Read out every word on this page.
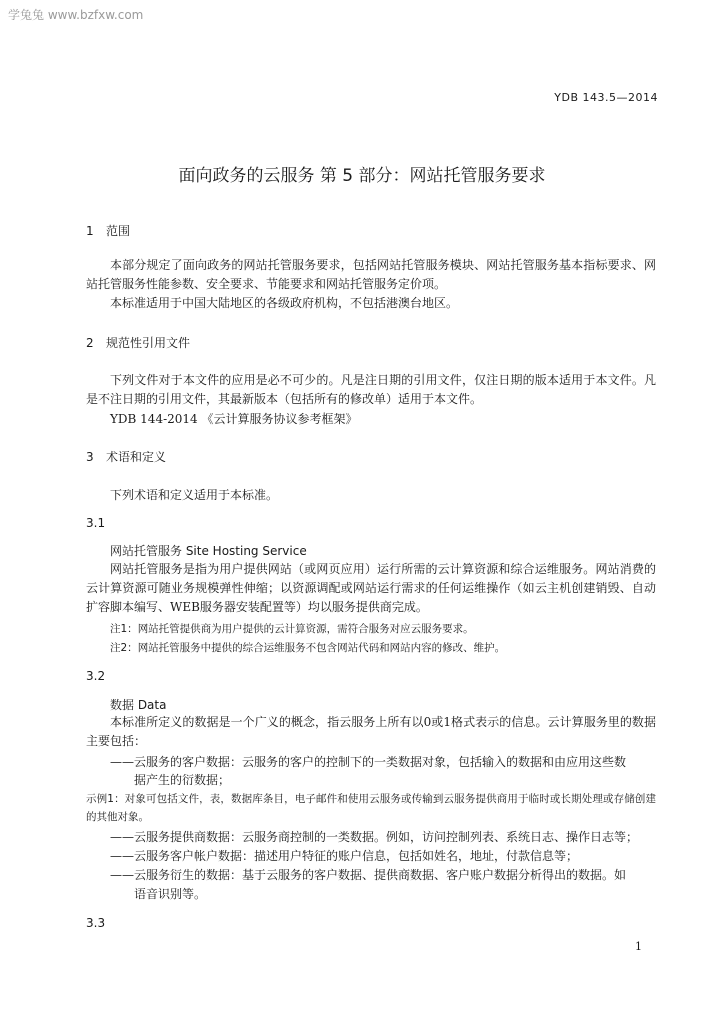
学兔兔 www.bzfxw.com
YDB 143.5—2014
面向政务的云服务 第 5 部分：网站托管服务要求
1 范围

本部分规定了面向政务的网站托管服务要求，包括网站托管服务模块、网站托管服务基本指标要求、网站托管服务性能参数、安全要求、节能要求和网站托管服务定价项。

本标准适用于中国大陆地区的各级政府机构，不包括港澳台地区。

2 规范性引用文件

下列文件对于本文件的应用是必不可少的。凡是注日期的引用文件，仅注日期的版本适用于本文件。凡是不注日期的引用文件，其最新版本（包括所有的修改单）适用于本文件。

YDB 144-2014 《云计算服务协议参考框架》
3 术语和定义
下列术语和定义适用于本标准。
3.1
网站托管服务 Site Hosting Service

网站托管服务是指为用户提供网站（或网页应用）运行所需的云计算资源和综合运维服务。网站消费的云计算资源可随业务规模弹性伸缩；以资源调配或网站运行需求的任何运维操作（如云主机创建销毁、自动扩容脚本编写、WEB服务器安装配置等）均以服务提供商完成。

注1：网站托管提供商为用户提供的云计算资源，需符合服务对应云服务要求。
注2：网站托管服务中提供的综合运维服务不包含网站代码和网站内容的修改、维护。
3.2
数据 Data

本标准所定义的数据是一个广义的概念，指云服务上所有以0或1格式表示的信息。云计算服务里的数据主要包括：

——云服务的客户数据：云服务的客户的控制下的一类数据对象，包括输入的数据和由应用这些数
据产生的衍数据；

示例1：对象可包括文件，表，数据库条目，电子邮件和使用云服务或传输到云服务提供商用于临时或长期处理或存储创建的其他对象。

——云服务提供商数据：云服务商控制的一类数据。例如，访问控制列表、系统日志、操作日志等；
——云服务客户帐户数据：描述用户特征的账户信息，包括如姓名，地址，付款信息等；
——云服务衍生的数据：基于云服务的客户数据、提供商数据、客户账户数据分析得出的数据。如
语音识别等。
3.3
1
